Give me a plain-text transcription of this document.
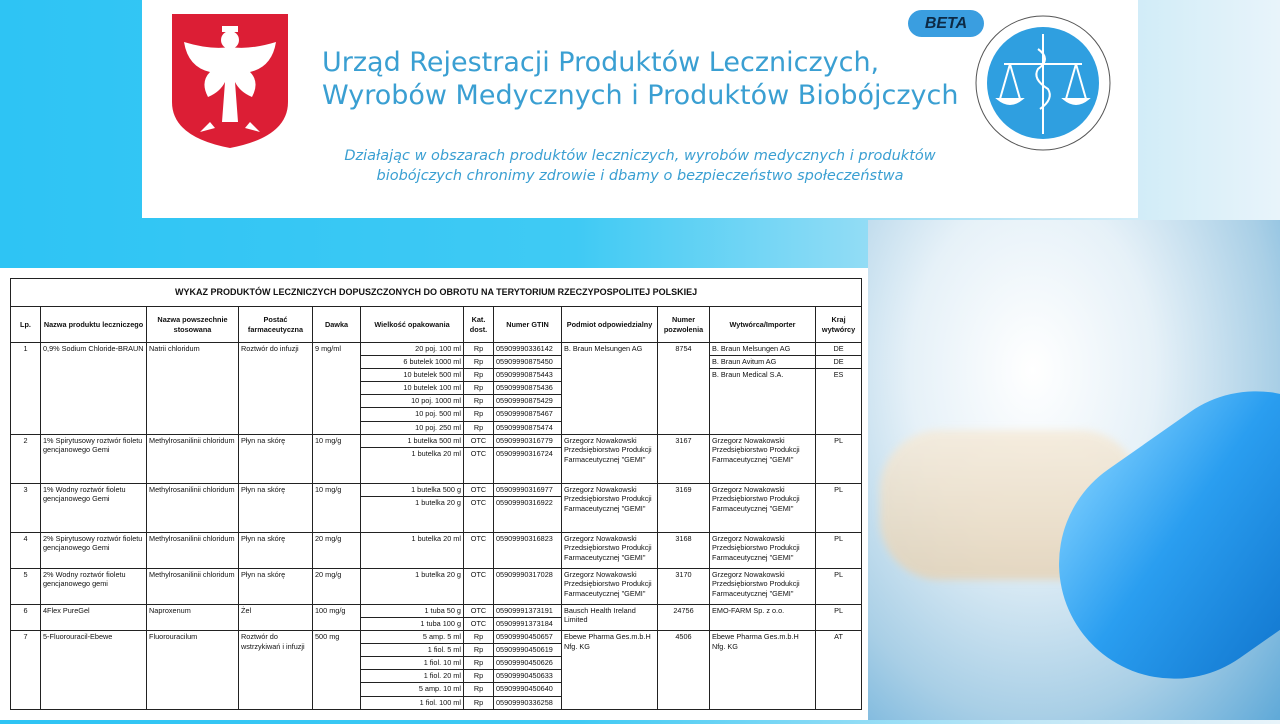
Urząd Rejestracji Produktów Leczniczych,
Wyrobów Medycznych i Produktów Biobójczych
Działając w obszarach produktów leczniczych, wyrobów medycznych i produktów biobójczych chronimy zdrowie i dbamy o bezpieczeństwo społeczeństwa
BETA
WYKAZ PRODUKTÓW LECZNICZYCH DOPUSZCZONYCH DO OBROTU NA TERYTORIUM RZECZYPOSPOLITEJ POLSKIEJ											
Lp.	Nazwa produktu leczniczego	Nazwa powszechnie stosowana	Postać farmaceutyczna	Dawka	Wielkość opakowania	Kat. dost.	Numer GTIN	Podmiot odpowiedzialny	Numer pozwolenia	Wytwórca/Importer	Kraj wytwórcy
1	0,9% Sodium Chloride-BRAUN	Natrii chloridum	Roztwór do infuzji	9 mg/ml	20 poj. 100 ml	Rp	05909990336142	B. Braun Melsungen AG	8754	B. Braun Melsungen AG	DE
					6 butelek 1000 ml	Rp	05909990875450			B. Braun Avitum AG	DE
					10 butelek 500 ml	Rp	05909990875443			B. Braun Medical S.A.	ES
					10 butelek 100 ml	Rp	05909990875436				
					10 poj. 1000 ml	Rp	05909990875429				
					10 poj. 500 ml	Rp	05909990875467				
					10 poj. 250 ml	Rp	05909990875474				
2	1% Spirytusowy roztwór fioletu gencjanowego Gemi	Methylrosanilinii chloridum	Płyn na skórę	10 mg/g	1 butelka 500 ml	OTC	05909990316779	Grzegorz Nowakowski Przedsiębiorstwo Produkcji Farmaceutycznej "GEMI"	3167	Grzegorz Nowakowski Przedsiębiorstwo Produkcji Farmaceutycznej "GEMI"	PL
					1 butelka 20 ml	OTC	05909990316724				

3	1% Wodny roztwór fioletu gencjanowego Gemi	Methylrosanilinii chloridum	Płyn na skórę	10 mg/g	1 butelka 500 g	OTC	05909990316977	Grzegorz Nowakowski Przedsiębiorstwo Produkcji Farmaceutycznej "GEMI"	3169	Grzegorz Nowakowski Przedsiębiorstwo Produkcji Farmaceutycznej "GEMI"	PL
					1 butelka 20 g	OTC	05909990316922				

4	2% Spirytusowy roztwór fioletu gencjanowego Gemi	Methylrosanilinii chloridum	Płyn na skórę	20 mg/g	1 butelka 20 ml	OTC	05909990316823	Grzegorz Nowakowski Przedsiębiorstwo Produkcji Farmaceutycznej "GEMI"	3168	Grzegorz Nowakowski Przedsiębiorstwo Produkcji Farmaceutycznej "GEMI"	PL

5	2% Wodny roztwór fioletu gencjanowego gemi	Methylrosanilinii chloridum	Płyn na skórę	20 mg/g	1 butelka 20 g	OTC	05909990317028	Grzegorz Nowakowski Przedsiębiorstwo Produkcji Farmaceutycznej "GEMI"	3170	Grzegorz Nowakowski Przedsiębiorstwo Produkcji Farmaceutycznej "GEMI"	PL

6	4Flex PureGel	Naproxenum	Żel	100 mg/g	1 tuba 50 g	OTC	05909991373191	Bausch Health Ireland Limited	24756	EMO-FARM Sp. z o.o.	PL
					1 tuba 100 g	OTC	05909991373184				
7	5-Fluorouracil-Ebewe	Fluorouracilum	Roztwór do wstrzykiwań i infuzji	500 mg	5 amp. 5 ml	Rp	05909990450657	Ebewe Pharma Ges.m.b.H Nfg. KG	4506	Ebewe Pharma Ges.m.b.H Nfg. KG	AT
					1 fiol. 5 ml	Rp	05909990450619				
					1 fiol. 10 ml	Rp	05909990450626				
					1 fiol. 20 ml	Rp	05909990450633				
					5 amp. 10 ml	Rp	05909990450640				
					1 fiol. 100 ml	Rp	05909990336258				
